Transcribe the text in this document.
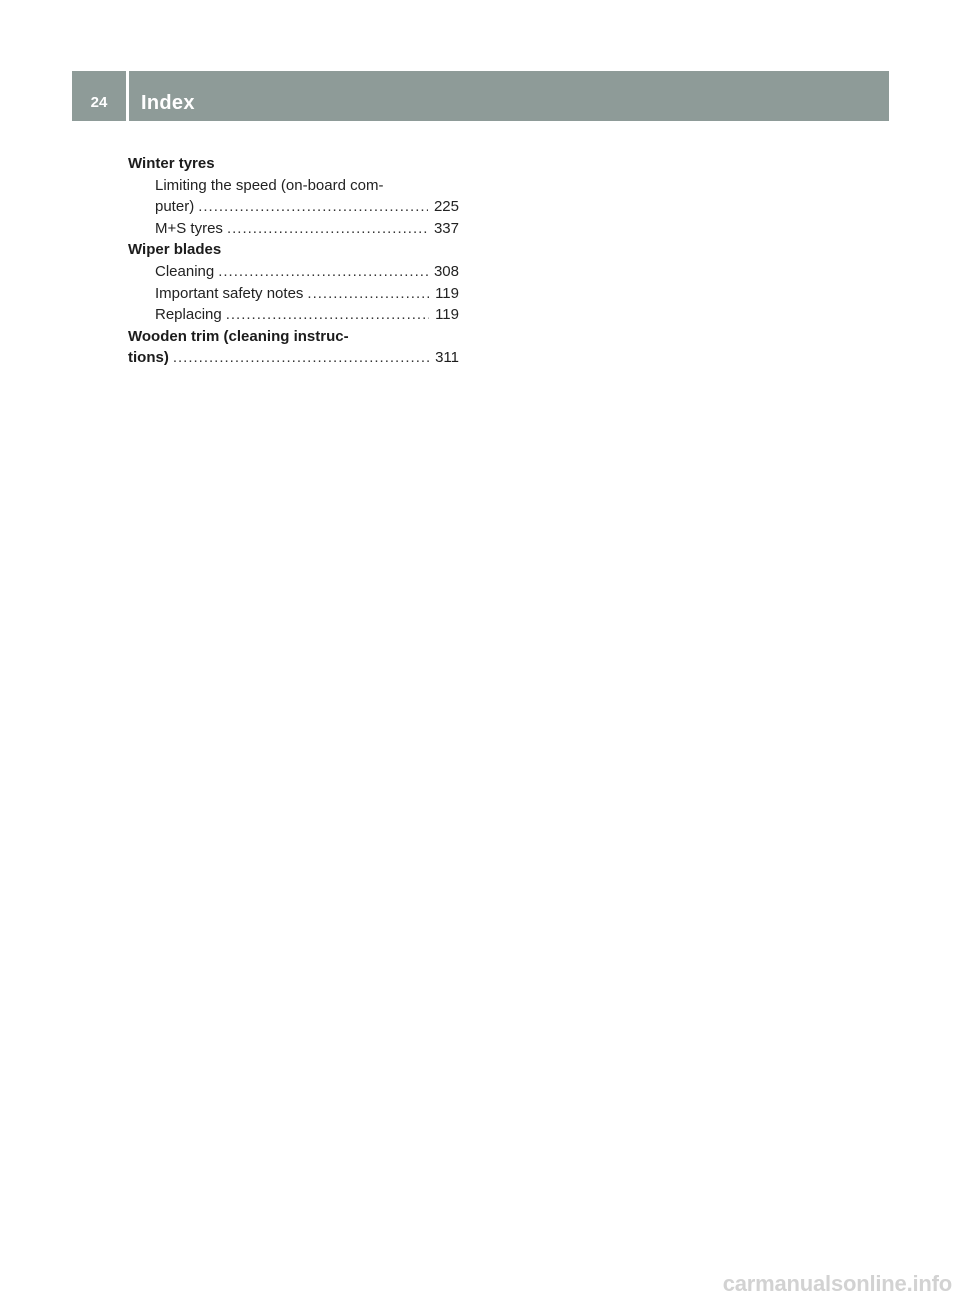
24	Index
Winter tyres
Limiting the speed (on-board com-
puter) .....	225
M+S tyres .....	337
Wiper blades
Cleaning .....	308
Important safety notes .....	119
Replacing .....	119
Wooden trim (cleaning instruc-
tions) .....	311
carmanualsonline.info
